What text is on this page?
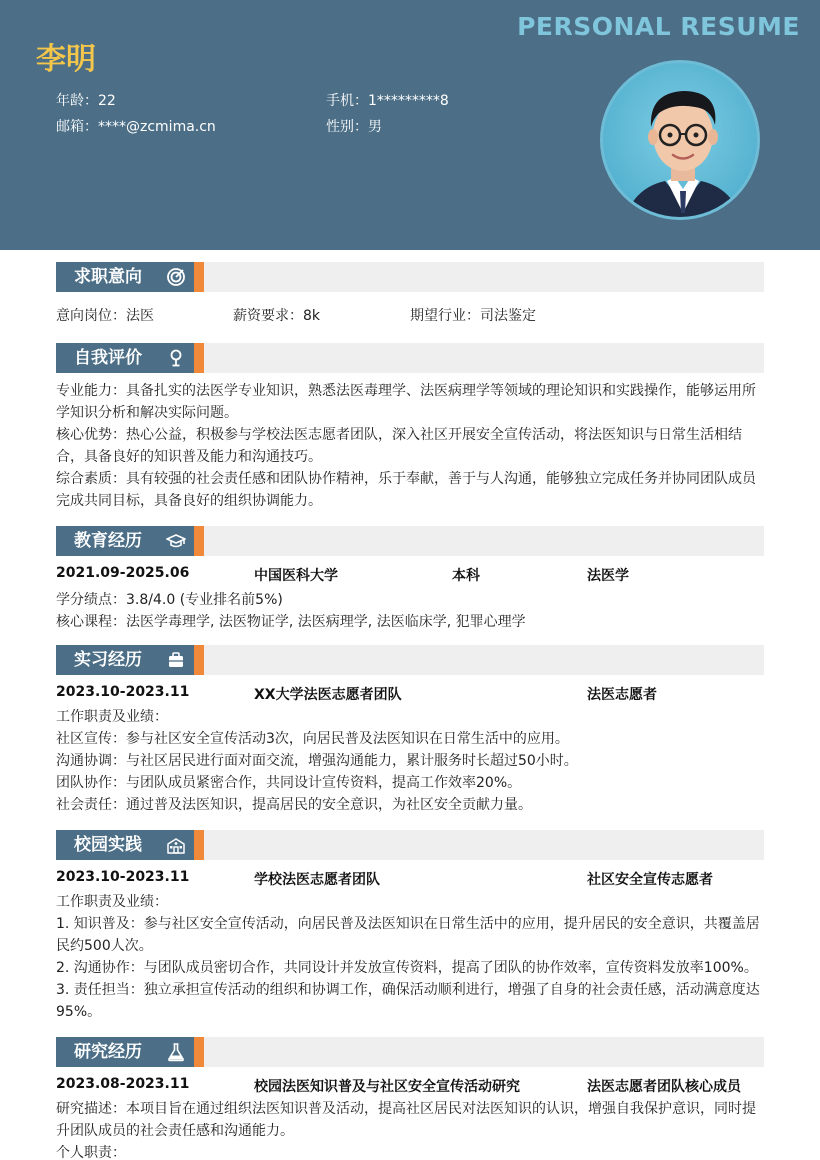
PERSONAL RESUME
李明
年龄：22	手机：1*********8
邮箱：****@zcmima.cn	性别：男
求职意向
意向岗位：法医	薪资要求：8k	期望行业：司法鉴定
自我评价
专业能力：具备扎实的法医学专业知识，熟悉法医毒理学、法医病理学等领域的理论知识和实践操作，能够运用所学知识分析和解决实际问题。
核心优势：热心公益，积极参与学校法医志愿者团队，深入社区开展安全宣传活动，将法医知识与日常生活相结合，具备良好的知识普及能力和沟通技巧。
综合素质：具有较强的社会责任感和团队协作精神，乐于奉献，善于与人沟通，能够独立完成任务并协同团队成员完成共同目标，具备良好的组织协调能力。
教育经历
2021.09-2025.06	中国医科大学	本科	法医学
学分绩点：3.8/4.0 (专业排名前5%)
核心课程：法医学毒理学, 法医物证学, 法医病理学, 法医临床学, 犯罪心理学
实习经历
2023.10-2023.11	XX大学法医志愿者团队	法医志愿者
工作职责及业绩：
社区宣传：参与社区安全宣传活动3次，向居民普及法医知识在日常生活中的应用。
沟通协调：与社区居民进行面对面交流，增强沟通能力，累计服务时长超过50小时。
团队协作：与团队成员紧密合作，共同设计宣传资料，提高工作效率20%。
社会责任：通过普及法医知识，提高居民的安全意识，为社区安全贡献力量。
校园实践
2023.10-2023.11	学校法医志愿者团队	社区安全宣传志愿者
工作职责及业绩：
1. 知识普及：参与社区安全宣传活动，向居民普及法医知识在日常生活中的应用，提升居民的安全意识，共覆盖居民约500人次。
2. 沟通协作：与团队成员密切合作，共同设计并发放宣传资料，提高了团队的协作效率，宣传资料发放率100%。
3. 责任担当：独立承担宣传活动的组织和协调工作，确保活动顺利进行，增强了自身的社会责任感，活动满意度达95%。
研究经历
2023.08-2023.11	校园法医知识普及与社区安全宣传活动研究	法医志愿者团队核心成员
研究描述：本项目旨在通过组织法医知识普及活动，提高社区居民对法医知识的认识，增强自我保护意识，同时提升团队成员的社会责任感和沟通能力。
个人职责：
